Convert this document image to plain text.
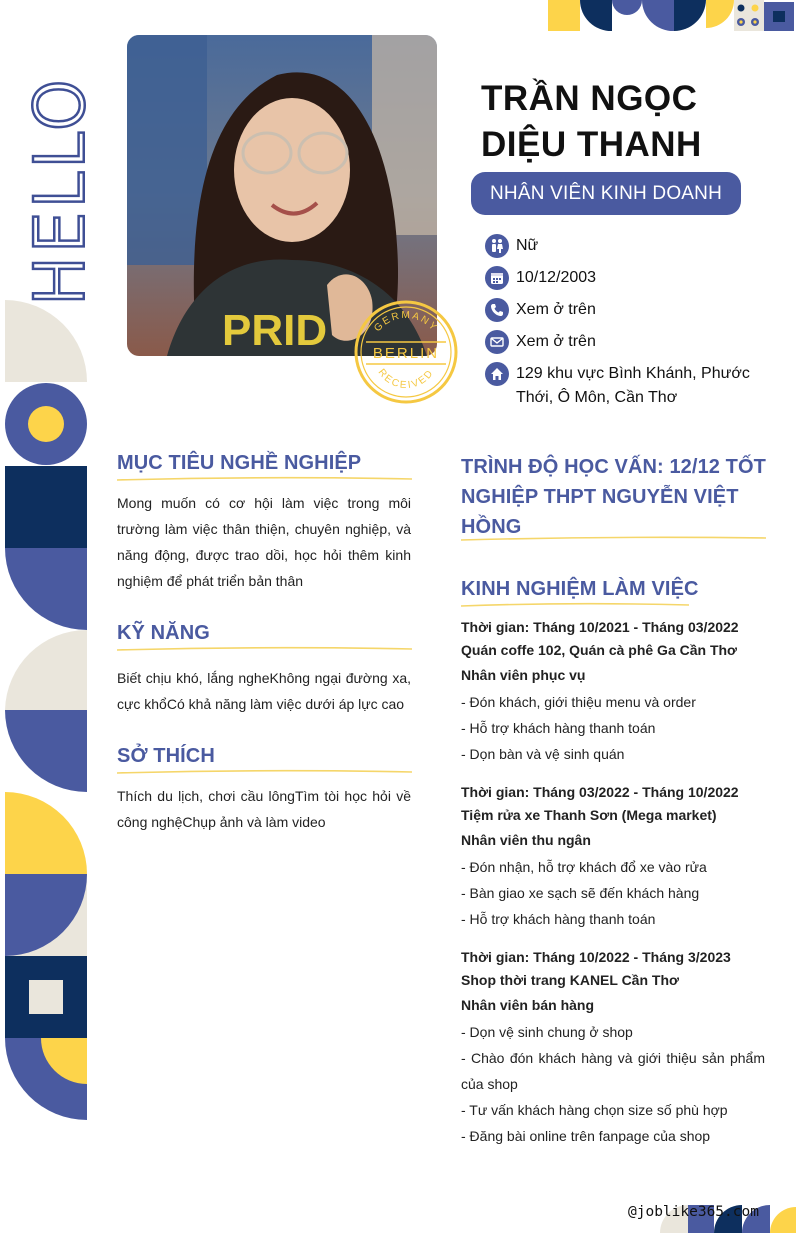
HELLO
PRID	GERMANY
BERLIN
RECEIVED
TRẦN NGỌC
DIỆU THANH
NHÂN VIÊN KINH DOANH
Nữ
10/12/2003
Xem ở trên
Xem ở trên
129 khu vực Bình Khánh, Phước
Thới, Ô Môn, Cần Thơ
MỤC TIÊU NGHỀ NGHIỆP
Mong muốn có cơ hội làm việc trong môi
trường làm việc thân thiện, chuyên nghiệp, và
năng động, được trao dồi, học hỏi thêm kinh
nghiệm để phát triển bản thân
KỸ NĂNG
Biết chịu khó, lắng ngheKhông ngại đường xa,
cực khổCó khả năng làm việc dưới áp lực cao
SỞ THÍCH
Thích du lịch, chơi cầu lôngTìm tòi học hỏi về
công nghệChụp ảnh và làm video
TRÌNH ĐỘ HỌC VẤN: 12/12 TỐT
NGHIỆP THPT NGUYỄN VIỆT
HỒNG
KINH NGHIỆM LÀM VIỆC
Thời gian: Tháng 10/2021 - Tháng 03/2022
Quán coffe 102, Quán cà phê Ga Cần Thơ
Nhân viên phục vụ
- Đón khách, giới thiệu menu và order
- Hỗ trợ khách hàng thanh toán
- Dọn bàn và vệ sinh quán
Thời gian: Tháng 03/2022 - Tháng 10/2022
Tiệm rửa xe Thanh Sơn (Mega market)
Nhân viên thu ngân
- Đón nhận, hỗ trợ khách đổ xe vào rửa
- Bàn giao xe sạch sẽ đến khách hàng
- Hỗ trợ khách hàng thanh toán
Thời gian: Tháng 10/2022 - Tháng 3/2023
Shop thời trang KANEL Cần Thơ
Nhân viên bán hàng
- Dọn vệ sinh chung ở shop
- Chào đón khách hàng và giới thiệu sản phẩm
của shop
- Tư vấn khách hàng chọn size số phù hợp
- Đăng bài online trên fanpage của shop
@joblike365.com
